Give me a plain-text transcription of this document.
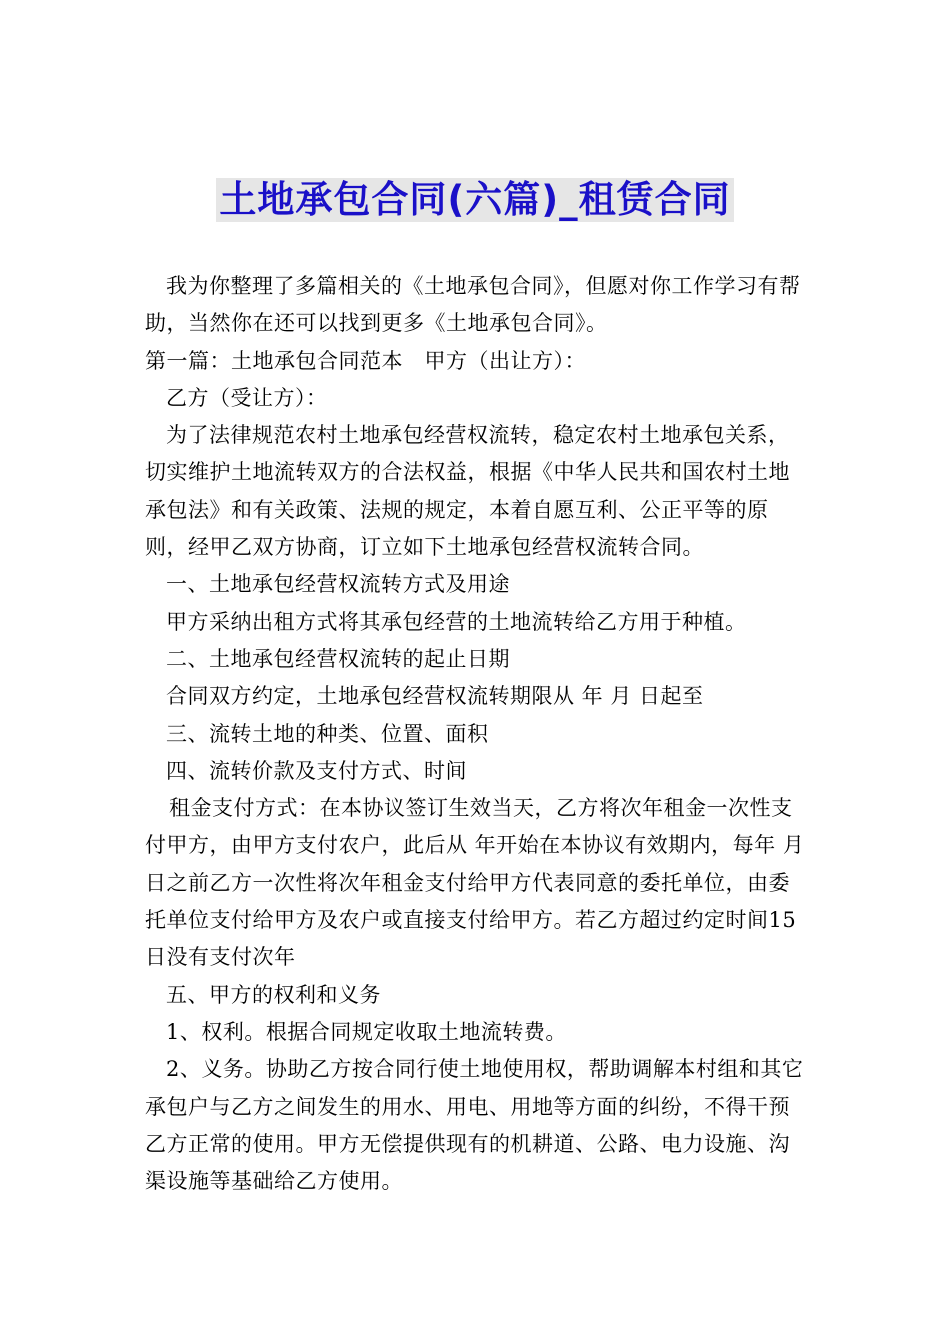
土地承包合同(六篇)_租赁合同

我为你整理了多篇相关的《土地承包合同》，但愿对你工作学习有帮助，当然你在还可以找到更多《土地承包合同》。

第一篇：土地承包合同范本　甲方（出让方）：

乙方（受让方）：

为了法律规范农村土地承包经营权流转，稳定农村土地承包关系，切实维护土地流转双方的合法权益，根据《中华人民共和国农村土地承包法》和有关政策、法规的规定，本着自愿互利、公正平等的原则，经甲乙双方协商，订立如下土地承包经营权流转合同。

一、土地承包经营权流转方式及用途

甲方采纳出租方式将其承包经营的土地流转给乙方用于种植。

二、土地承包经营权流转的起止日期

合同双方约定，土地承包经营权流转期限从 年 月 日起至

三、流转土地的种类、位置、面积

四、流转价款及支付方式、时间

租金支付方式：在本协议签订生效当天，乙方将次年租金一次性支付甲方，由甲方支付农户，此后从 年开始在本协议有效期内，每年 月 日之前乙方一次性将次年租金支付给甲方代表同意的委托单位，由委托单位支付给甲方及农户或直接支付给甲方。若乙方超过约定时间15日没有支付次年

五、甲方的权利和义务

1、权利。根据合同规定收取土地流转费。

2、义务。协助乙方按合同行使土地使用权，帮助调解本村组和其它承包户与乙方之间发生的用水、用电、用地等方面的纠纷，不得干预乙方正常的使用。甲方无偿提供现有的机耕道、公路、电力设施、沟渠设施等基础给乙方使用。
